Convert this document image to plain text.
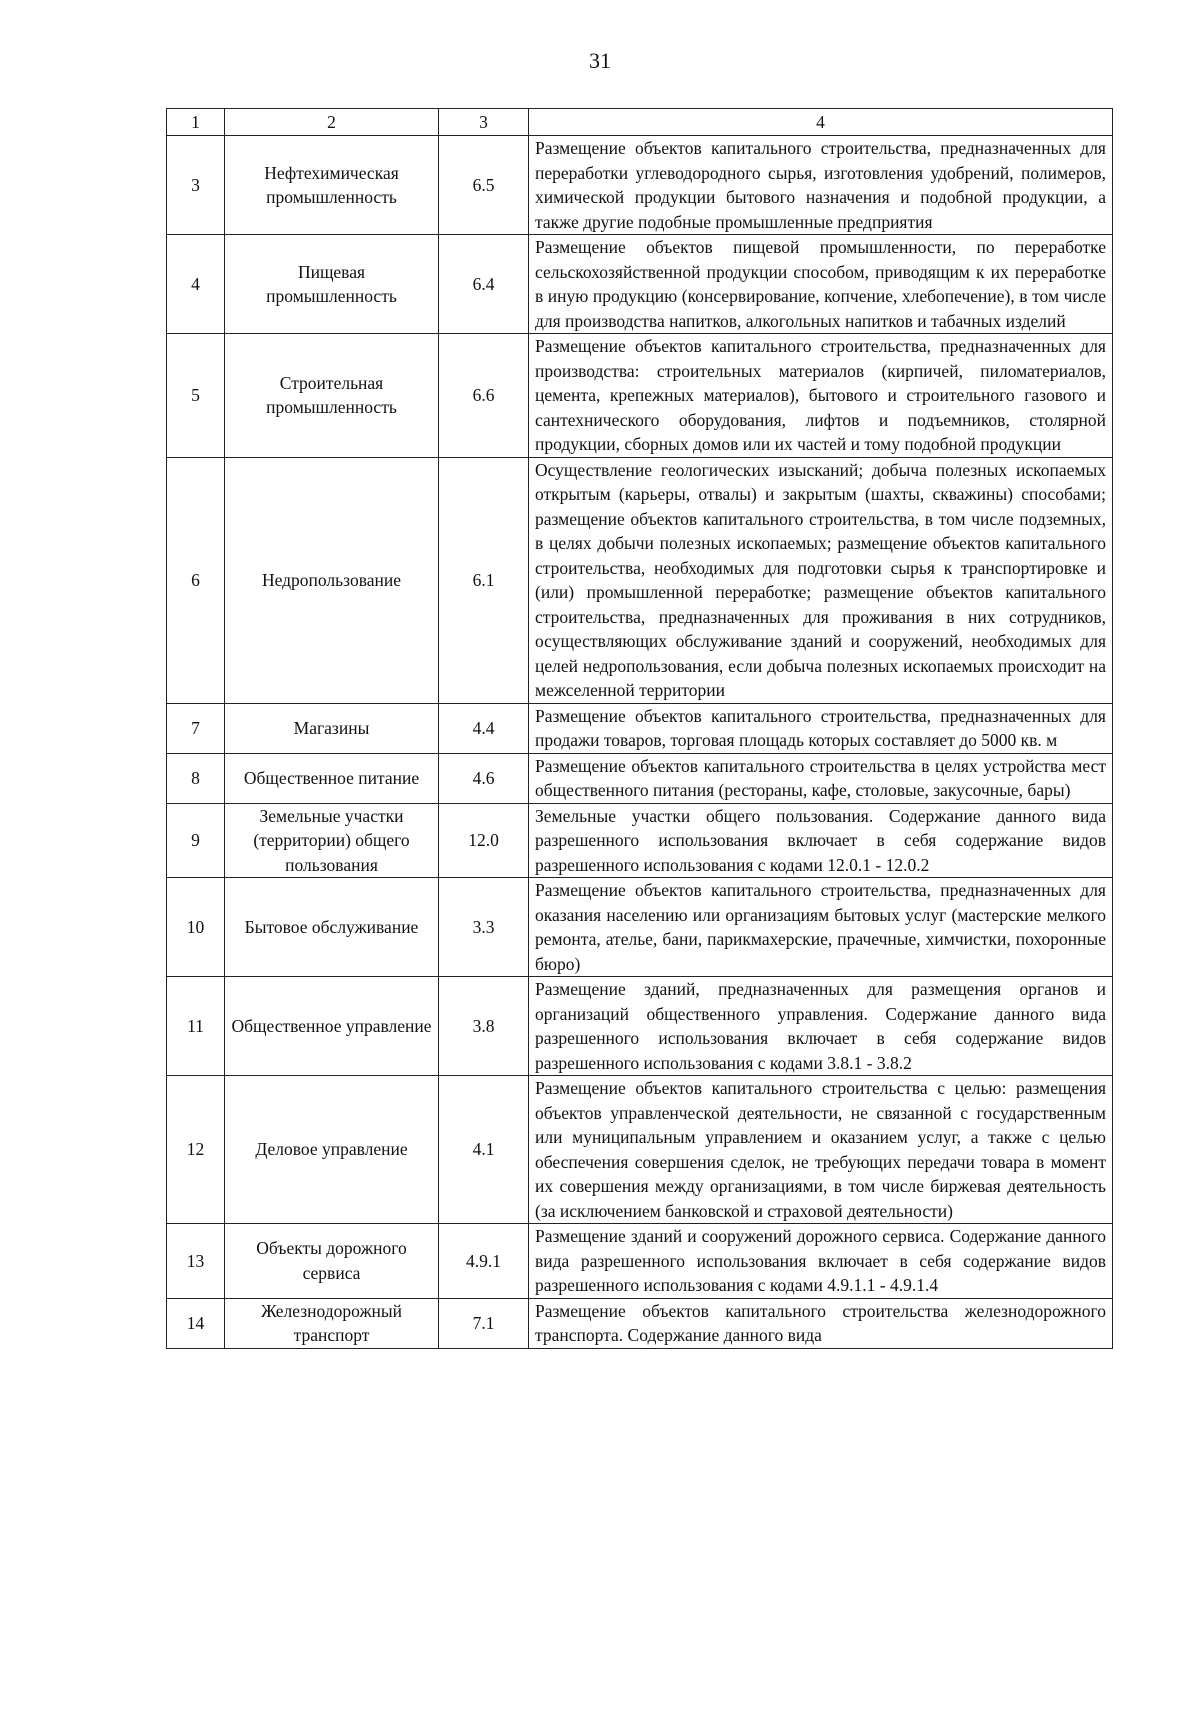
31
1	2	3	4
3	Нефтехимическая промышленность	6.5	Размещение объектов капитального строительства, предназначенных для переработки углеводородного сырья, изготовления удобрений, полимеров, химической продукции бытового назначения и подобной продукции, а также другие подобные промышленные предприятия
4	Пищевая промышленность	6.4	Размещение объектов пищевой промышленности, по переработке сельскохозяйственной продукции способом, приводящим к их переработке в иную продукцию (консервирование, копчение, хлебопечение), в том числе для производства напитков, алкогольных напитков и табачных изделий
5	Строительная промышленность	6.6	Размещение объектов капитального строительства, предназначенных для производства: строительных материалов (кирпичей, пиломатериалов, цемента, крепежных материалов), бытового и строительного газового и сантехнического оборудования, лифтов и подъемников, столярной продукции, сборных домов или их частей и тому подобной продукции
6	Недропользование	6.1	Осуществление геологических изысканий; добыча полезных ископаемых открытым (карьеры, отвалы) и закрытым (шахты, скважины) способами; размещение объектов капитального строительства, в том числе подземных, в целях добычи полезных ископаемых; размещение объектов капитального строительства, необходимых для подготовки сырья к транспортировке и (или) промышленной переработке; размещение объектов капитального строительства, предназначенных для проживания в них сотрудников, осуществляющих обслуживание зданий и сооружений, необходимых для целей недропользования, если добыча полезных ископаемых происходит на межселенной территории
7	Магазины	4.4	Размещение объектов капитального строительства, предназначенных для продажи товаров, торговая площадь которых составляет до 5000 кв. м
8	Общественное питание	4.6	Размещение объектов капитального строительства в целях устройства мест общественного питания (рестораны, кафе, столовые, закусочные, бары)
9	Земельные участки (территории) общего пользования	12.0	Земельные участки общего пользования. Содержание данного вида разрешенного использования включает в себя содержание видов разрешенного использования с кодами 12.0.1 - 12.0.2
10	Бытовое обслуживание	3.3	Размещение объектов капитального строительства, предназначенных для оказания населению или организациям бытовых услуг (мастерские мелкого ремонта, ателье, бани, парикмахерские, прачечные, химчистки, похоронные бюро)
11	Общественное управление	3.8	Размещение зданий, предназначенных для размещения органов и организаций общественного управления. Содержание данного вида разрешенного использования включает в себя содержание видов разрешенного использования с кодами 3.8.1 - 3.8.2
12	Деловое управление	4.1	Размещение объектов капитального строительства с целью: размещения объектов управленческой деятельности, не связанной с государственным или муниципальным управлением и оказанием услуг, а также с целью обеспечения совершения сделок, не требующих передачи товара в момент их совершения между организациями, в том числе биржевая деятельность (за исключением банковской и страховой деятельности)
13	Объекты дорожного сервиса	4.9.1	Размещение зданий и сооружений дорожного сервиса. Содержание данного вида разрешенного использования включает в себя содержание видов разрешенного использования с кодами 4.9.1.1 - 4.9.1.4
14	Железнодорожный транспорт	7.1	Размещение объектов капитального строительства железнодорожного транспорта. Содержание данного вида
